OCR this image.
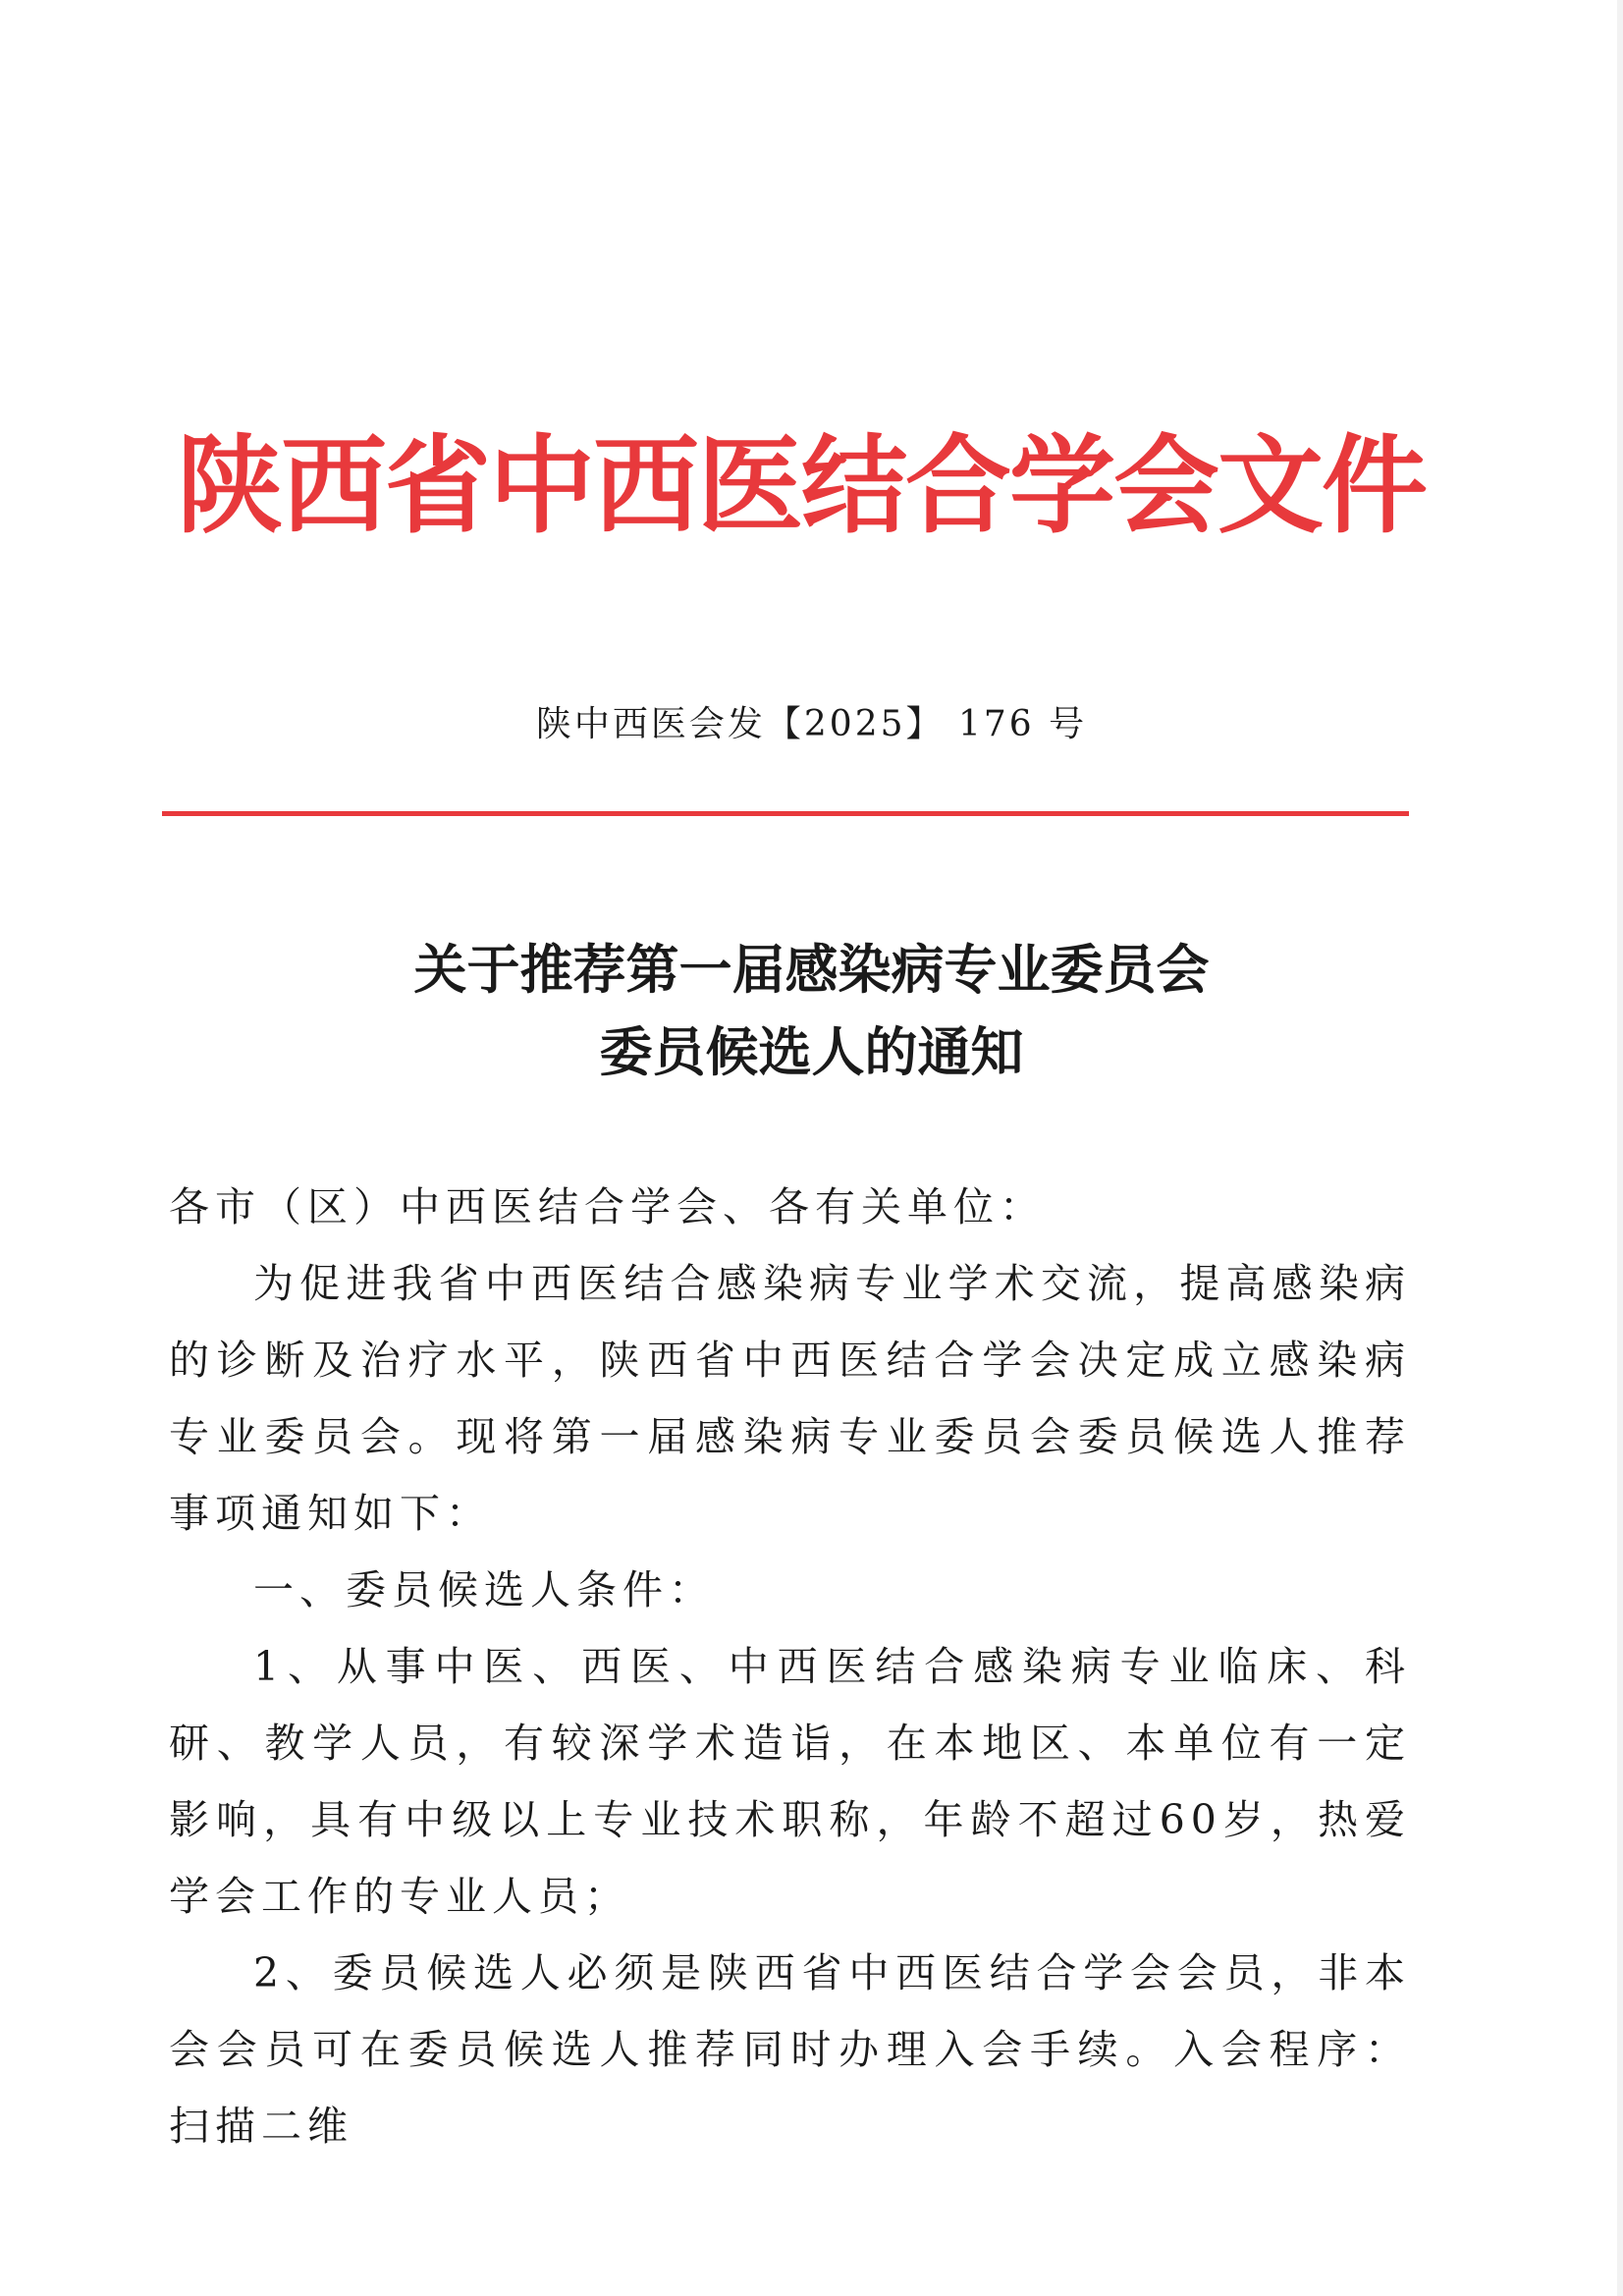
陕西省中西医结合学会文件
陕中西医会发【2025】 176 号
关于推荐第一届感染病专业委员会
委员候选人的通知

各市（区）中西医结合学会、各有关单位：

为促进我省中西医结合感染病专业学术交流，提高感染病的诊断及治疗水平，陕西省中西医结合学会决定成立感染病专业委员会。现将第一届感染病专业委员会委员候选人推荐事项通知如下：

一、委员候选人条件：

1、从事中医、西医、中西医结合感染病专业临床、科研、教学人员，有较深学术造诣，在本地区、本单位有一定影响，具有中级以上专业技术职称，年龄不超过60岁，热爱学会工作的专业人员；

2、委员候选人必须是陕西省中西医结合学会会员，非本会会员可在委员候选人推荐同时办理入会手续。入会程序：扫描二维
